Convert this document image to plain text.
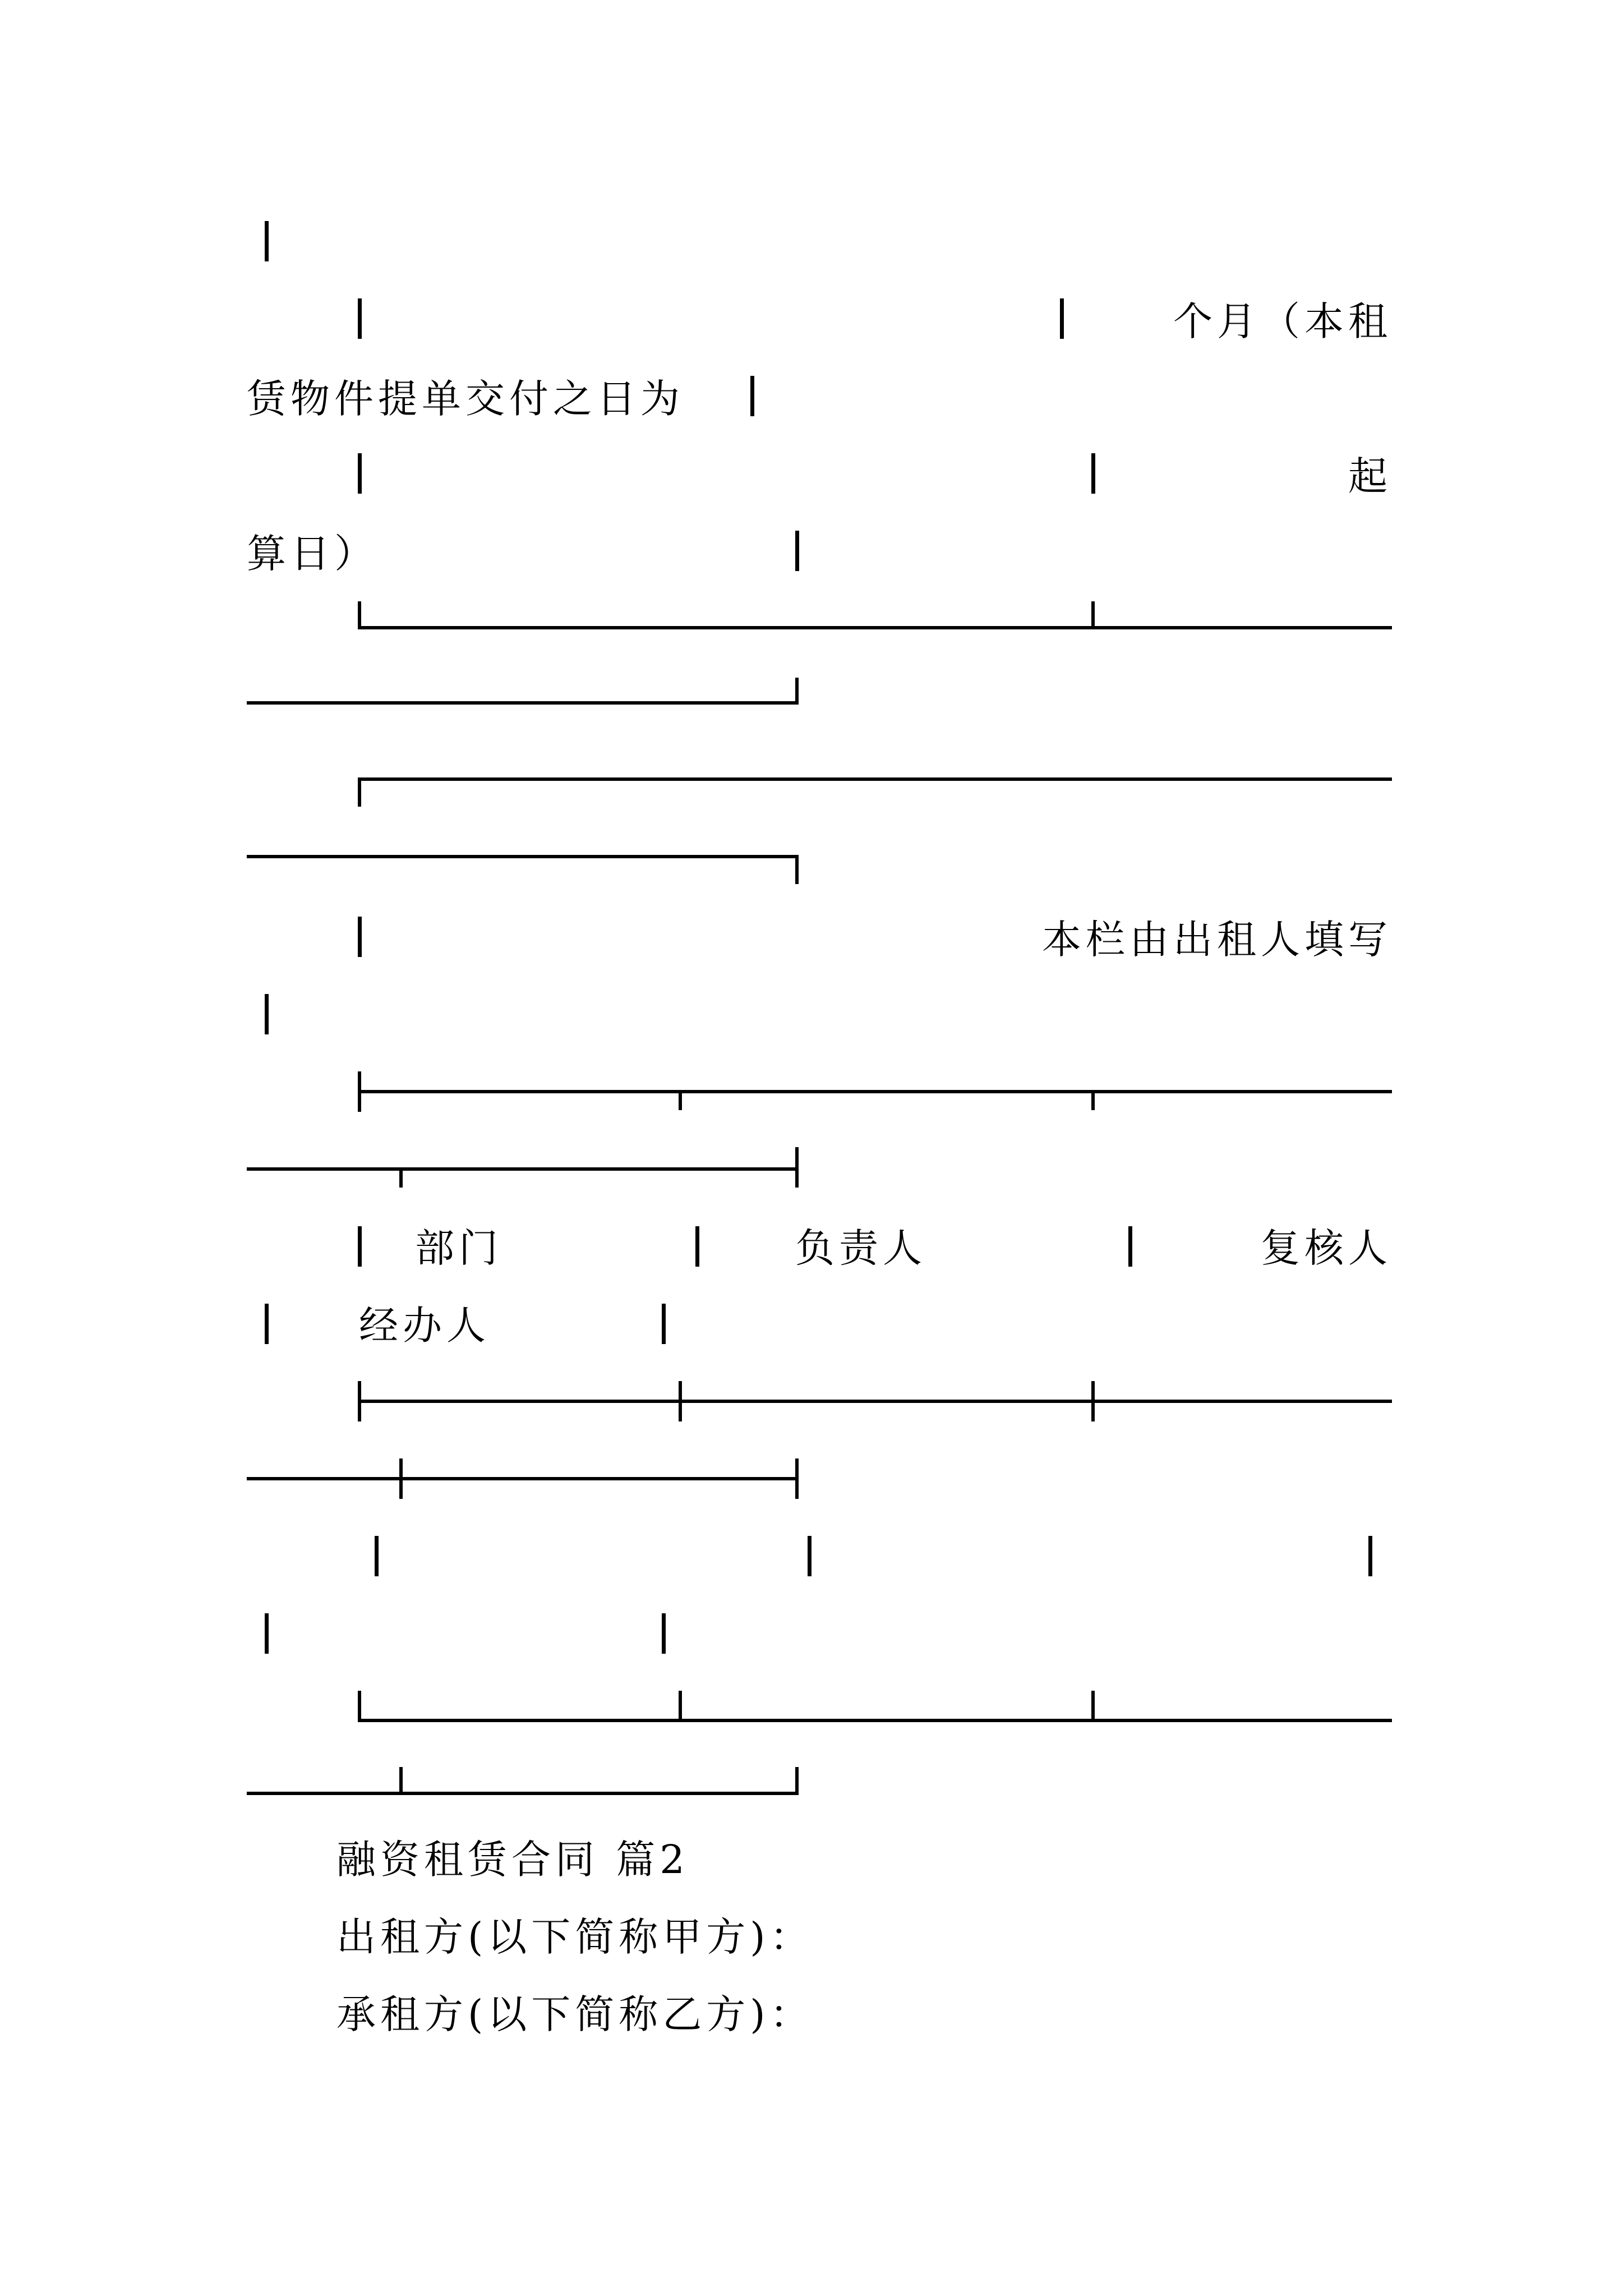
个月（本租
赁物件提单交付之日为
起
算日）
本栏由出租人填写
部门	负责人	复核人
经办人
融资租赁合同 篇2
出租方(以下简称甲方)：
承租方(以下简称乙方)：
